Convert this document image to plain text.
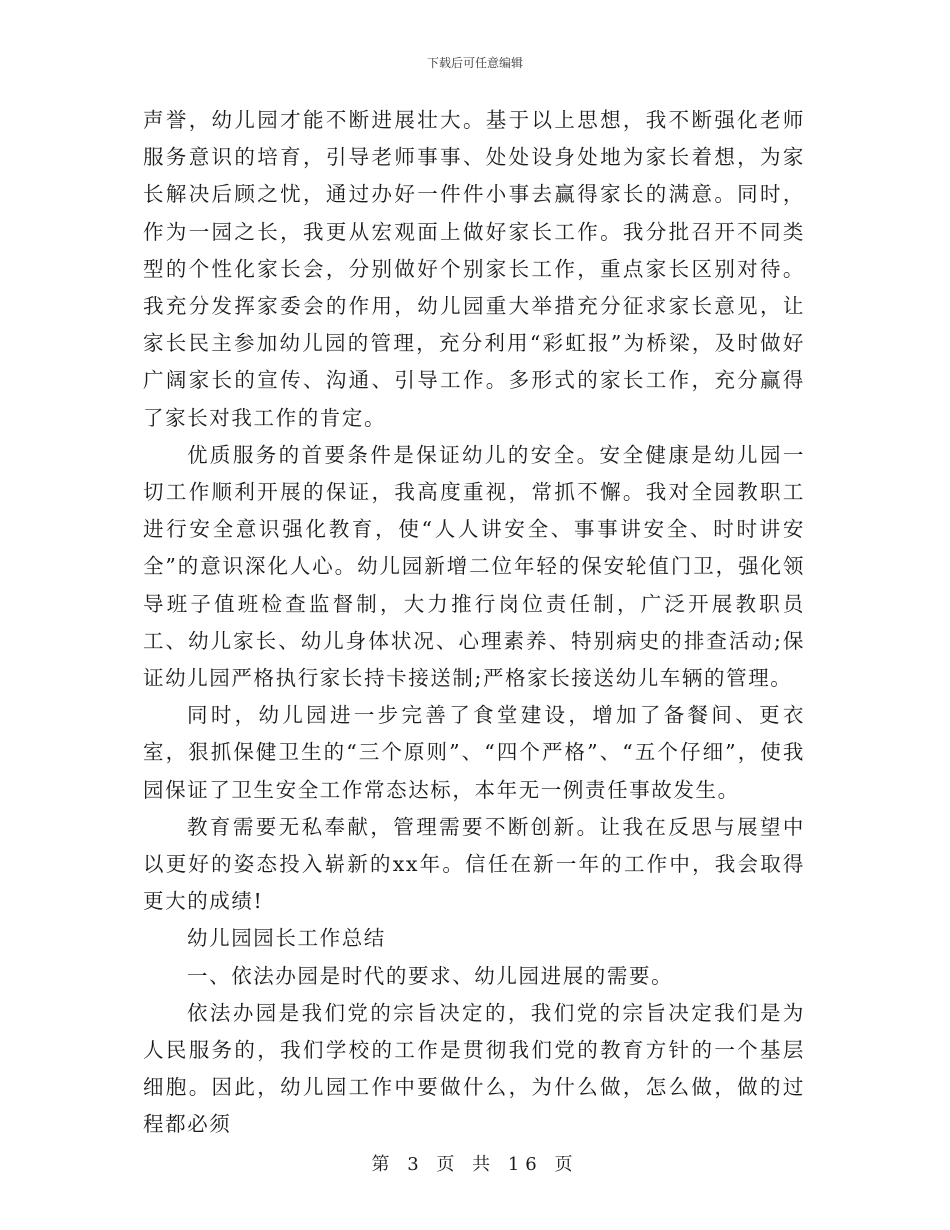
下载后可任意编辑

声誉，幼儿园才能不断进展壮大。基于以上思想，我不断强化老师服务意识的培育，引导老师事事、处处设身处地为家长着想，为家长解决后顾之忧，通过办好一件件小事去赢得家长的满意。同时，作为一园之长，我更从宏观面上做好家长工作。我分批召开不同类型的个性化家长会，分别做好个别家长工作，重点家长区别对待。我充分发挥家委会的作用，幼儿园重大举措充分征求家长意见，让家长民主参加幼儿园的管理，充分利用“彩虹报”为桥梁，及时做好广阔家长的宣传、沟通、引导工作。多形式的家长工作，充分赢得了家长对我工作的肯定。

优质服务的首要条件是保证幼儿的安全。安全健康是幼儿园一切工作顺利开展的保证，我高度重视，常抓不懈。我对全园教职工进行安全意识强化教育，使“人人讲安全、事事讲安全、时时讲安全”的意识深化人心。幼儿园新增二位年轻的保安轮值门卫，强化领导班子值班检查监督制，大力推行岗位责任制，广泛开展教职员工、幼儿家长、幼儿身体状况、心理素养、特别病史的排查活动;保证幼儿园严格执行家长持卡接送制;严格家长接送幼儿车辆的管理。

同时，幼儿园进一步完善了食堂建设，增加了备餐间、更衣室，狠抓保健卫生的“三个原则”、“四个严格”、“五个仔细”，使我园保证了卫生安全工作常态达标，本年无一例责任事故发生。

教育需要无私奉献，管理需要不断创新。让我在反思与展望中以更好的姿态投入崭新的xx年。信任在新一年的工作中，我会取得更大的成绩!

幼儿园园长工作总结

一、依法办园是时代的要求、幼儿园进展的需要。

依法办园是我们党的宗旨决定的，我们党的宗旨决定我们是为人民服务的，我们学校的工作是贯彻我们党的教育方针的一个基层细胞。因此，幼儿园工作中要做什么，为什么做，怎么做，做的过程都必须

第 3 页 共 16 页
